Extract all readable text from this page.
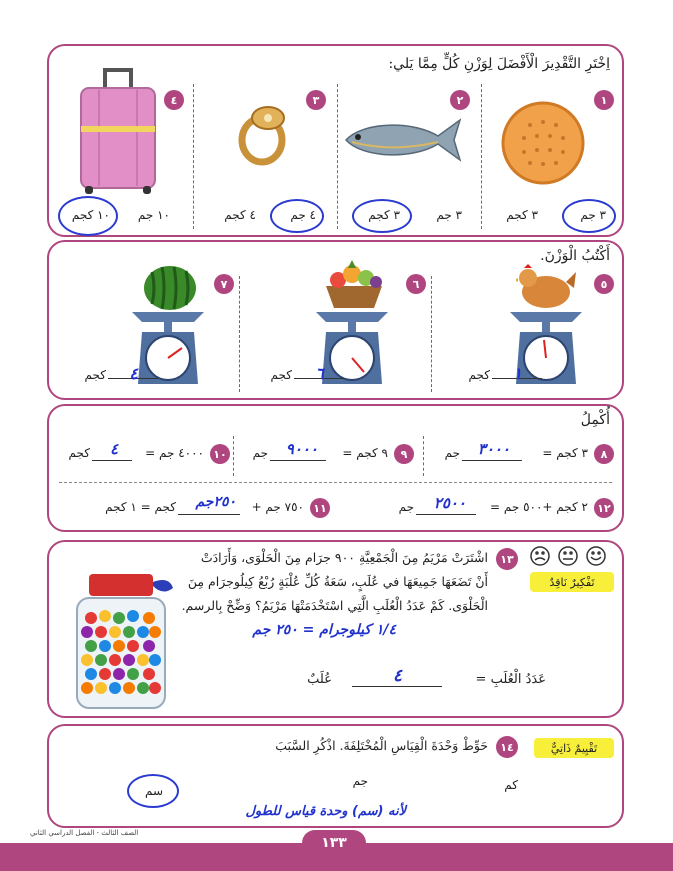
اِخْتَرِ التَّقْدِيرَ الْأَفْضَلَ لِوَزْنِ كُلٍّ مِمَّا يَلي:
١
٣ جم
٣ كجم
٢
٣ جم
٣ كجم
٣
٤ جم
٤ كجم
٤
١٠ جم
١٠ كجم
أَكْتُبُ الْوَزْنَ.
٥
١
كجم
٦
٦
كجم
٧
٤
كجم
أُكْمِلُ
٨
٣ كجم =
٣٠٠٠
جم
٩
٩ كجم =
٩٠٠٠
جم
١٠
٤٠٠٠ جم =
٤
كجم
١٢
٢ كجم +٥٠٠ جم =
٢٥٠٠
جم
١١
٧٥٠ جم +
٢٥٠جم
كجم = ١ كجم
١٣
اشْتَرَتْ مَرْيَمُ مِنَ الْجَمْعِيَّةِ ٩٠٠ جرَام مِنَ الْحَلْوَى، وَأَرَادَتْ
أَنْ تَضَعَهَا جَمِيعَهَا في عُلَبٍ، سَعَةُ كُلِّ عُلْبَةٍ رُبْعُ كِيلُوجرَام مِنَ
الْحَلْوَى. كَمْ عَدَدُ الْعُلَبِ الَّتِي اسْتَخْدَمَتْهَا مَرْيَمُ؟ وَضِّحْ بِالرسم.
تَفْكِيرٌ نَاقِدٌ
١/٤ كيلوجرام = ٢٥٠ جم
عَدَدُ الْعُلَبِ =
٤
عُلَبٌ
١٤
حَوِّطْ وَحْدَةَ الْقِيَاسِ الْمُخْتَلِفَةَ. اذْكُرِ السَّبَبَ	تَقْيِيمٌ ذَاتِيٌّ
جم	كم
سم
لأنه (سم) وحدة قياس للطول
الصف الثالث - الفصل الدراسي الثاني
١٣٣
